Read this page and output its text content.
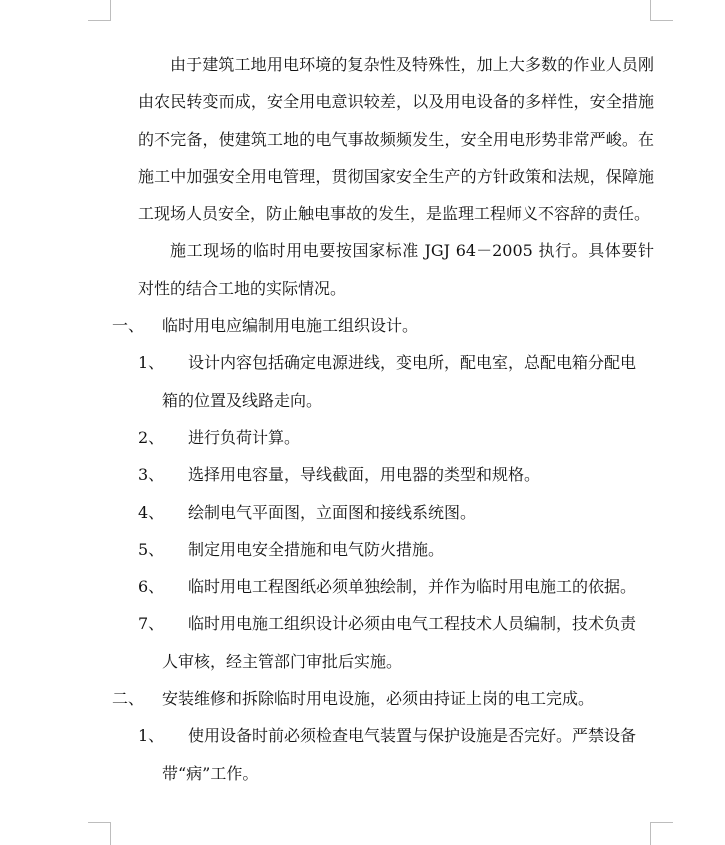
由于建筑工地用电环境的复杂性及特殊性，加上大多数的作业人员刚由农民转变而成，安全用电意识较差，以及用电设备的多样性，安全措施的不完备，使建筑工地的电气事故频频发生，安全用电形势非常严峻。在施工中加强安全用电管理，贯彻国家安全生产的方针政策和法规，保障施工现场人员安全，防止触电事故的发生，是监理工程师义不容辞的责任。

施工现场的临时用电要按国家标准 JGJ 64－2005 执行。具体要针对性的结合工地的实际情况。

一、	临时用电应编制用电施工组织设计。
1、	设计内容包括确定电源进线，变电所，配电室，总配电箱分配电
箱的位置及线路走向。
2、	进行负荷计算。
3、	选择用电容量，导线截面，用电器的类型和规格。
4、	绘制电气平面图，立面图和接线系统图。
5、	制定用电安全措施和电气防火措施。
6、	临时用电工程图纸必须单独绘制，并作为临时用电施工的依据。
7、	临时用电施工组织设计必须由电气工程技术人员编制，技术负责
人审核，经主管部门审批后实施。
二、	安装维修和拆除临时用电设施，必须由持证上岗的电工完成。
1、	使用设备时前必须检查电气装置与保护设施是否完好。严禁设备
带“病”工作。
